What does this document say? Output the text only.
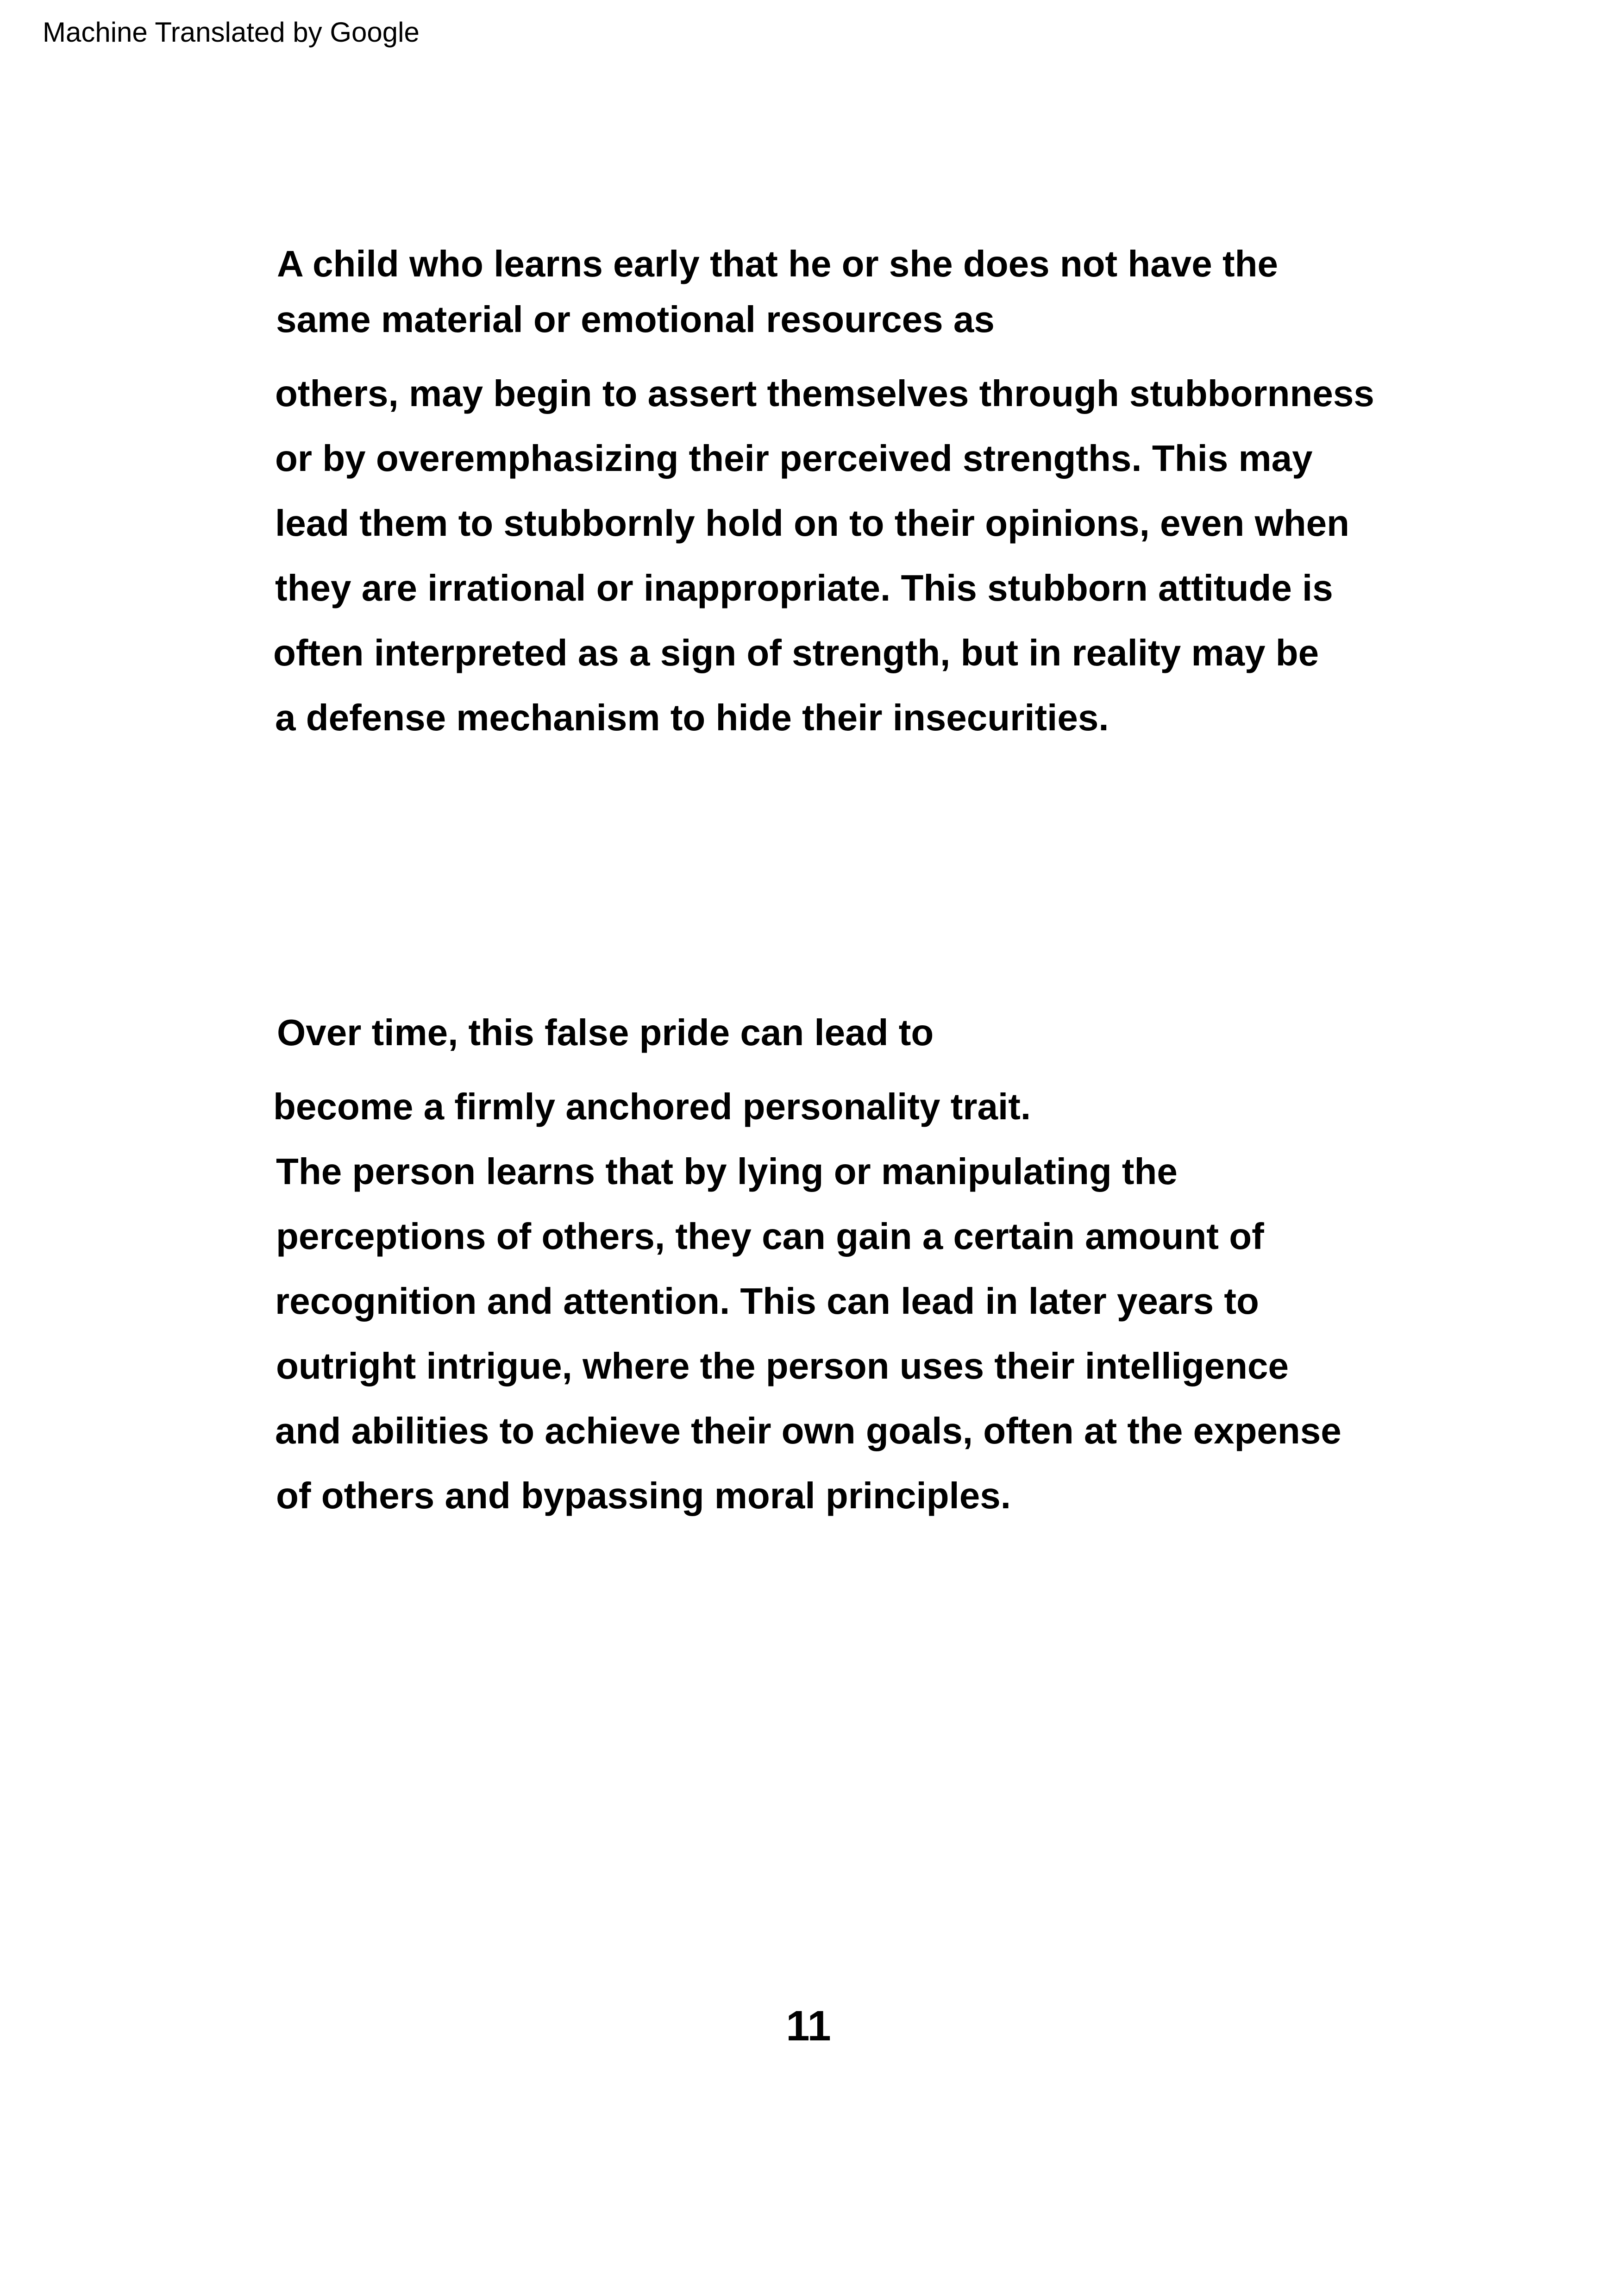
Machine Translated by Google
A child who learns early that he or she does not have the
same material or emotional resources as
others, may begin to assert themselves through stubbornness
or by overemphasizing their perceived strengths. This may
lead them to stubbornly hold on to their opinions, even when
they are irrational or inappropriate. This stubborn attitude is
often interpreted as a sign of strength, but in reality may be
a defense mechanism to hide their insecurities.
Over time, this false pride can lead to
become a firmly anchored personality trait.
The person learns that by lying or manipulating the
perceptions of others, they can gain a certain amount of
recognition and attention. This can lead in later years to
outright intrigue, where the person uses their intelligence
and abilities to achieve their own goals, often at the expense
of others and bypassing moral principles.
11
